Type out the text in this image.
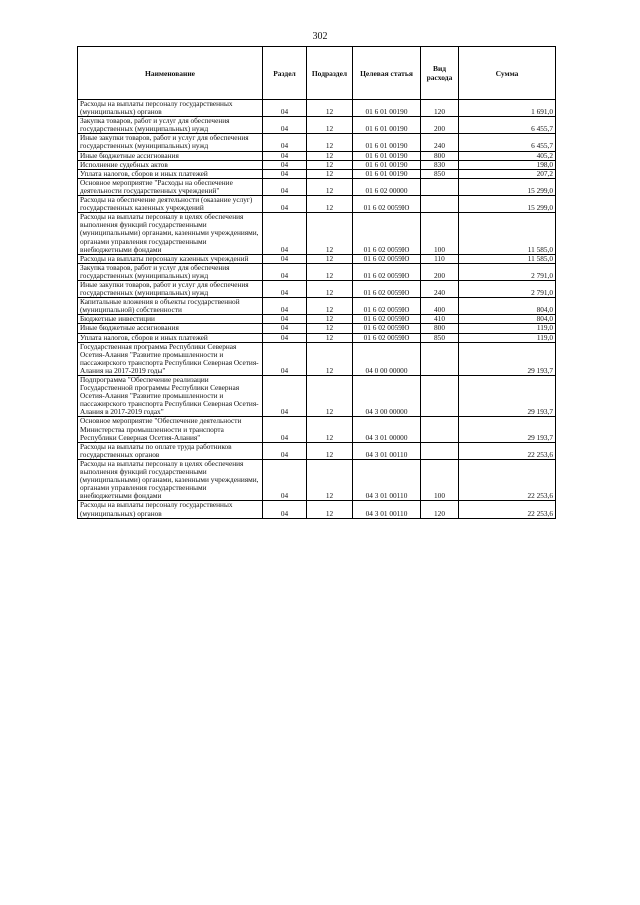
302
Наименование	Раздел	Подраздел	Целевая статья	Вид расхода	Сумма
Расходы на выплаты персоналу государственных (муниципальных) органов	04	12	01 6 01 00190	120	1 691,0
Закупка товаров, работ и услуг для обеспечения государственных (муниципальных) нужд	04	12	01 6 01 00190	200	6 455,7
Иные закупки товаров, работ и услуг для обеспечения государственных (муниципальных) нужд	04	12	01 6 01 00190	240	6 455,7
Иные бюджетные ассигнования	04	12	01 6 01 00190	800	405,2
Исполнение судебных актов	04	12	01 6 01 00190	830	198,0
Уплата налогов, сборов и иных платежей	04	12	01 6 01 00190	850	207,2
Основное мероприятие "Расходы на обеспечение деятельности государственных учреждений"	04	12	01 6 02 00000		15 299,0
Расходы на обеспечение деятельности (оказание услуг) государственных казенных учреждений	04	12	01 6 02 0059Ю		15 299,0
Расходы на выплаты персоналу в целях обеспечения выполнения функций государственными (муниципальными) органами, казенными учреждениями, органами управления государственными внебюджетными фондами	04	12	01 6 02 0059Ю	100	11 585,0
Расходы на выплаты персоналу казенных учреждений	04	12	01 6 02 0059Ю	110	11 585,0
Закупка товаров, работ и услуг для обеспечения государственных (муниципальных) нужд	04	12	01 6 02 0059Ю	200	2 791,0
Иные закупки товаров, работ и услуг для обеспечения государственных (муниципальных) нужд	04	12	01 6 02 0059Ю	240	2 791,0
Капитальные вложения в объекты государственной (муниципальной) собственности	04	12	01 6 02 0059Ю	400	804,0
Бюджетные инвестиции	04	12	01 6 02 0059Ю	410	804,0
Иные бюджетные ассигнования	04	12	01 6 02 0059Ю	800	119,0
Уплата налогов, сборов и иных платежей	04	12	01 6 02 0059Ю	850	119,0
Государственная программа Республики Северная Осетия-Алания "Развитие промышленности и пассажирского транспорта Республики Северная Осетия-Алания на 2017-2019 годы"	04	12	04 0 00 00000		29 193,7
Подпрограмма "Обеспечение реализации Государственной программы Республики Северная Осетия-Алания "Развитие промышленности и пассажирского транспорта Республики Северная Осетия-Алания в 2017-2019 годах"	04	12	04 3 00 00000		29 193,7
Основное мероприятие "Обеспечение деятельности Министерства промышленности и транспорта Республики Северная Осетия-Алания"	04	12	04 3 01 00000		29 193,7
Расходы на выплаты по оплате труда работников государственных органов	04	12	04 3 01 00110		22 253,6
Расходы на выплаты персоналу в целях обеспечения выполнения функций государственными (муниципальными) органами, казенными учреждениями, органами управления государственными внебюджетными фондами	04	12	04 3 01 00110	100	22 253,6
Расходы на выплаты персоналу государственных (муниципальных) органов	04	12	04 3 01 00110	120	22 253,6
